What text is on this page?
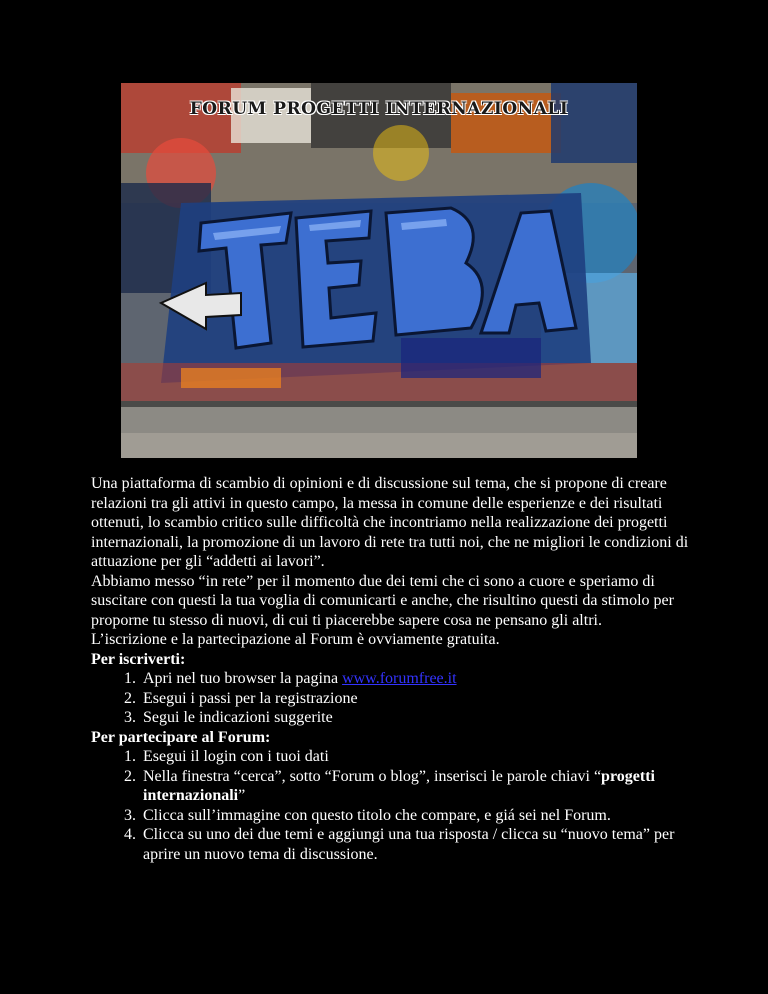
FORUM PROGETTI INTERNAZIONALI

Una piattaforma di scambio di opinioni e di discussione sul tema, che si propone di creare relazioni tra gli attivi in questo campo, la messa in comune delle esperienze e dei risultati ottenuti, lo scambio critico sulle difficoltà che incontriamo nella realizzazione dei progetti internazionali, la promozione di un lavoro di rete tra tutti noi, che ne migliori le condizioni di attuazione per gli “addetti ai lavori”.

Abbiamo messo “in rete” per il momento due dei temi che ci sono a cuore e speriamo di suscitare con questi la tua voglia di comunicarti e anche, che risultino questi da stimolo per proporne tu stesso di nuovi, di cui ti piacerebbe sapere cosa ne pensano gli altri.

L’iscrizione e la partecipazione al Forum è ovviamente gratuita.

Per iscriverti:

1. Apri nel tuo browser la pagina www.forumfree.it
2. Esegui i passi per la registrazione
3. Segui le indicazioni suggerite

Per partecipare al Forum:

1. Esegui il login con i tuoi dati
2. Nella finestra “cerca”, sotto “Forum o blog”, inserisci le parole chiavi “progetti internazionali”
3. Clicca sull’immagine con questo titolo che compare, e giá sei nel Forum.
4. Clicca su uno dei due temi e aggiungi una tua risposta / clicca su “nuovo tema” per aprire un nuovo tema di discussione.
